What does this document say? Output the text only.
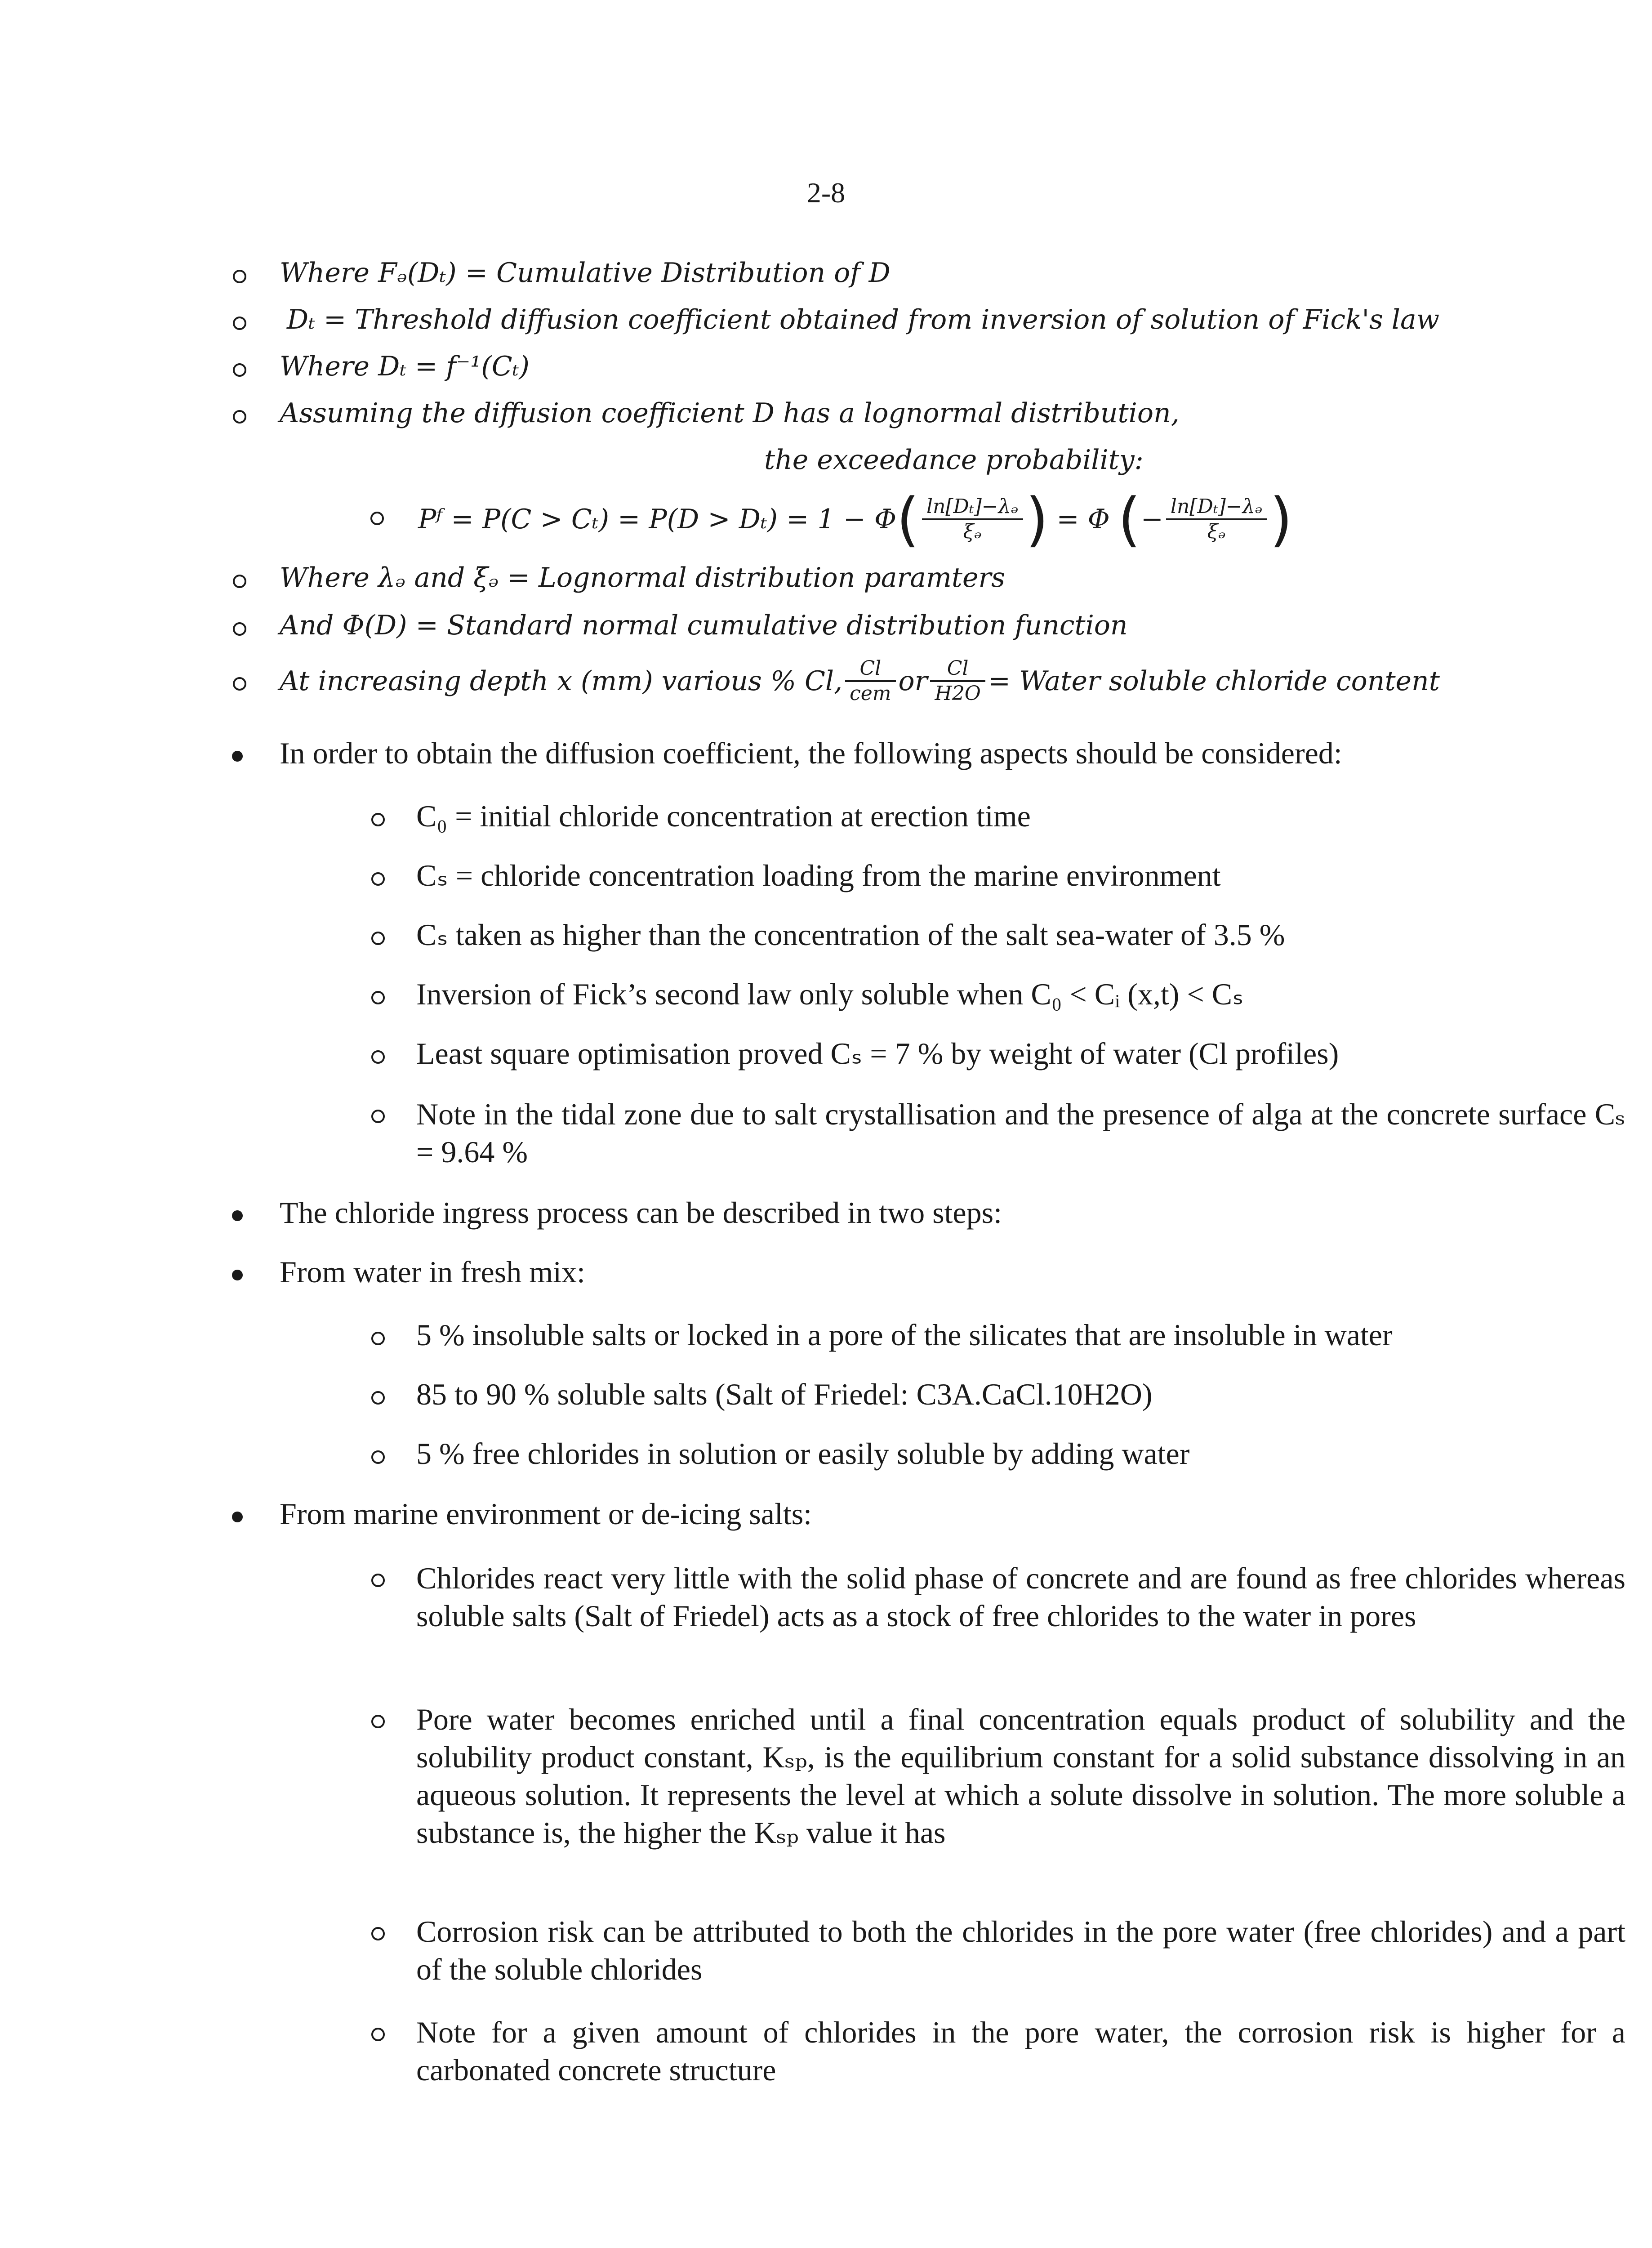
2-8
Where Fₔ(Dₜ) = Cumulative Distribution of D
Dₜ = Threshold diffusion coefficient obtained from inversion of solution of Fick's law
Where Dₜ = f⁻¹(Cₜ)
Assuming the diffusion coefficient D has a lognormal distribution,
the exceedance probability:
Pᶠ = P(C > Cₜ) = P(D > Dₜ) = 1 − Φ ( $\frac{\text{ln[Dₜ]−λₔ}}{\text{ξₔ}}$ ) = Φ ( − $\frac{\text{ln[Dₜ]−λₔ}}{\text{ξₔ}}$ )
Where λₔ and ξₔ = Lognormal distribution paramters
And Φ(D) = Standard normal cumulative distribution function
At increasing depth x (mm) various % Cl, $\frac{Cl}{\text{cem}}$ or $\frac{Cl}{H2O}$ = Water soluble chloride content
In order to obtain the diffusion coefficient, the following aspects should be considered:
C₀ = initial chloride concentration at erection time
Cₛ = chloride concentration loading from the marine environment
Cₛ taken as higher than the concentration of the salt sea-water of 3.5 %
Inversion of Fick’s second law only soluble when C₀ < Cᵢ (x,t) < Cₛ
Least square optimisation proved Cₛ = 7 % by weight of water (Cl profiles)
Note in the tidal zone due to salt crystallisation and the presence of alga at the concrete surface Cₛ = 9.64 %
The chloride ingress process can be described in two steps:
From water in fresh mix:
5 % insoluble salts or locked in a pore of the silicates that are insoluble in water
85 to 90 % soluble salts (Salt of Friedel: C3A.CaCl.10H2O)
5 % free chlorides in solution or easily soluble by adding water
From marine environment or de-icing salts:
Chlorides react very little with the solid phase of concrete and are found as free chlorides whereas soluble salts (Salt of Friedel) acts as a stock of free chlorides to the water in pores
Pore water becomes enriched until a final concentration equals product of solubility and the solubility product constant, Kₛₚ, is the equilibrium constant for a solid substance dissolving in an aqueous solution. It represents the level at which a solute dissolve in solution. The more soluble a substance is, the higher the Kₛₚ value it has
Corrosion risk can be attributed to both the chlorides in the pore water (free chlorides) and a part of the soluble chlorides
Note for a given amount of chlorides in the pore water, the corrosion risk is higher for a carbonated concrete structure
